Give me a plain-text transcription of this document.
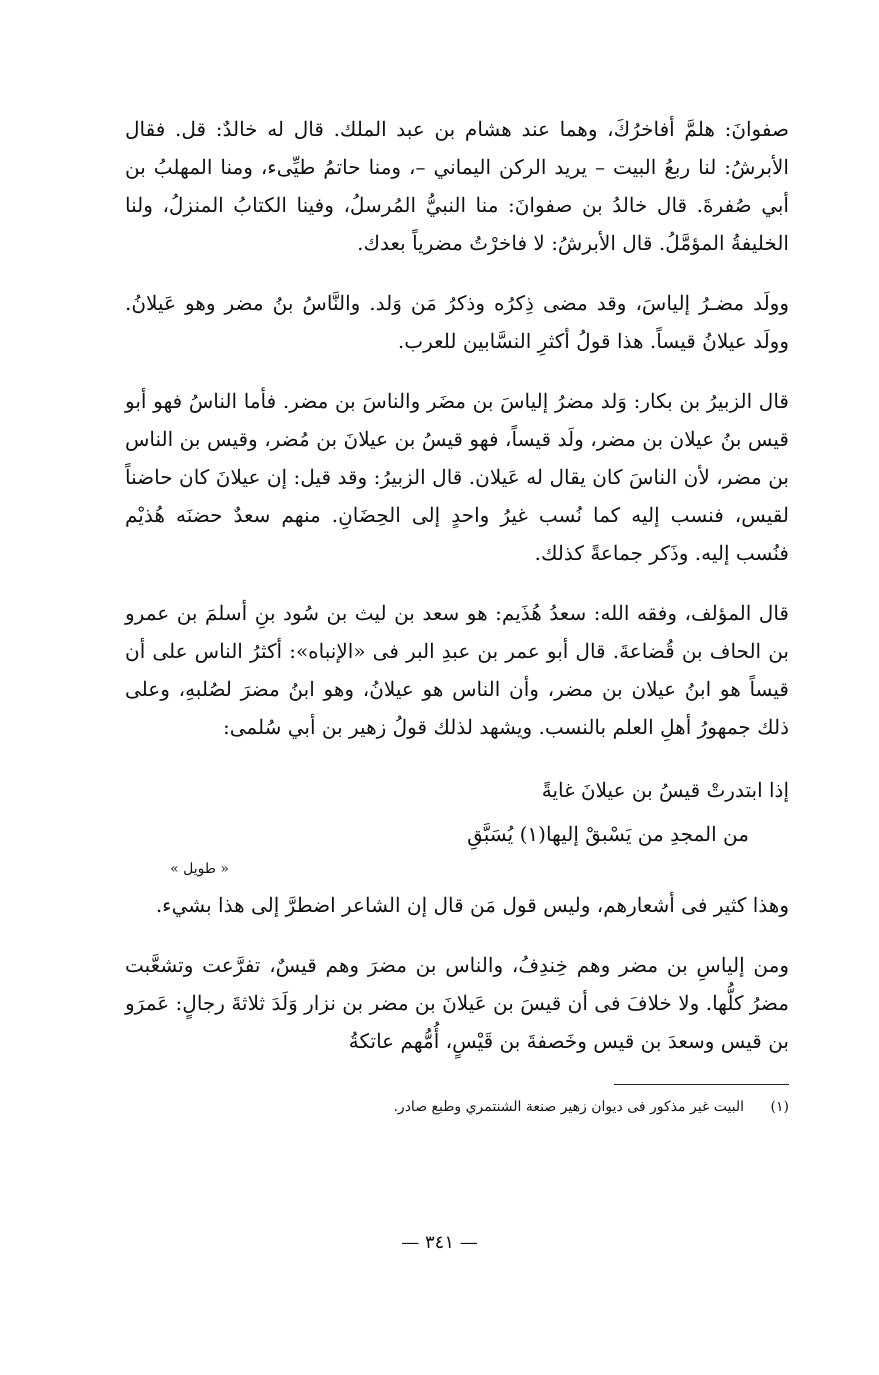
صفوانَ: هلمَّ أفاخرُكَ، وهما عند هشام بن عبد الملك. قال له خالدٌ: قل. فقال الأبرشُ: لنا ربعُ البيت – يريد الركن اليماني –، ومنا حاتمُ طيِّىء، ومنا المهلبُ بن أبي صُفرةَ. قال خالدُ بن صفوانَ: منا النبيُّ المُرسلُ، وفينا الكتابُ المنزلُ، ولنا الخليفةُ المؤمَّلُ. قال الأبرشُ: لا فاخرْتُ مضرياً بعدك.

وولَد مضـرُ إلياسَ، وقد مضى ذِكرُه وذكرُ مَن وَلد. والنَّاسُ بنُ مضر وهو عَيلانُ. وولَد عيلانُ قيساً. هذا قولُ أكثرِ النسَّابين للعرب.

قال الزبيرُ بن بكار: وَلد مضرُ إلياسَ بن مضَر والناسَ بن مضر. فأما الناسُ فهو أبو قيس بنُ عيلان بن مضر، ولَد قيساً، فهو قيسُ بن عيلانَ بن مُضر، وقيس بن الناس بن مضر، لأن الناسَ كان يقال له عَيلان. قال الزبيرُ: وقد قيل: إن عيلانَ كان حاضناً لقيس، فنسب إليه كما نُسب غيرُ واحدٍ إلى الحِضَانِ. منهم سعدٌ حضنَه هُذيْم فنُسب إليه. وذَكر جماعةً كذلك.

قال المؤلف، وفقه الله: سعدُ هُذَيم: هو سعد بن ليث بن سُود بنِ أسلمَ بن عمرو بن الحاف بن قُضاعةَ. قال أبو عمر بن عبدِ البر فى «الإنباه»: أكثرُ الناس على أن قيساً هو ابنُ عيلان بن مضر، وأن الناس هو عيلانُ، وهو ابنُ مضرَ لصُلبهِ، وعلى ذلك جمهورُ أهلِ العلم بالنسب. ويشهد لذلك قولُ زهير بن أبي سُلمى:

إذا ابتدرتْ قيسُ بن عيلانَ غايةً
من المجدِ من يَسْبقْ إليها(١) يُسَبَّقِ
« طويل »

وهذا كثير فى أشعارهم، وليس قول مَن قال إن الشاعر اضطرَّ إلى هذا بشيء.

ومن إلياسِ بن مضر وهم خِندِفُ، والناس بن مضرَ وهم قيسٌ، تفرَّعت وتشعَّبت مضرُ كلُّها. ولا خلافَ فى أن قيسَ بن عَيلانَ بن مضر بن نزار وَلَدَ ثلاثةَ رجالٍ: عَمرَو بن قيس وسعدَ بن قيس وخَصفةَ بن قَيْسٍ، أُمُّهم عاتكةُ

(١) البيت غير مذكور فى ديوان زهير صنعة الشنتمري وطبع صادر.
— ٣٤١ —
